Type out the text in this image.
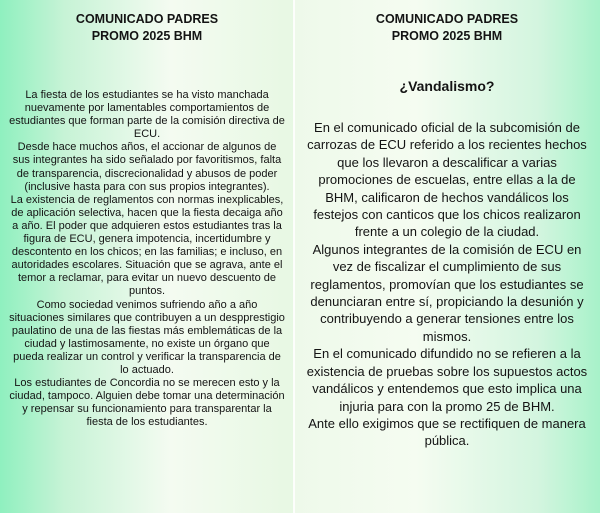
COMUNICADO PADRES
PROMO 2025 BHM

La fiesta de los estudiantes se ha visto manchada nuevamente por lamentables comportamientos de estudiantes que forman parte de la comisión directiva de ECU.

Desde hace muchos años, el accionar de algunos de sus integrantes ha sido señalado por favoritismos, falta de transparencia, discrecionalidad y abusos de poder (inclusive hasta para con sus propios integrantes).

La existencia de reglamentos con normas inexplicables, de aplicación selectiva, hacen que la fiesta decaiga año a año. El poder que adquieren estos estudiantes tras la figura de ECU, genera impotencia, incertidumbre y descontento en los chicos; en las familias; e incluso, en autoridades escolares. Situación que se agrava, ante el temor a reclamar, para evitar un nuevo descuento de puntos.

Como sociedad venimos sufriendo año a año situaciones similares que contribuyen a un despprestigio paulatino de una de las fiestas más emblemáticas de la ciudad y lastimosamente, no existe un órgano que pueda realizar un control y verificar la transparencia de lo actuado.

Los estudiantes de Concordia no se merecen esto y la ciudad, tampoco. Alguien debe tomar una determinación y repensar su funcionamiento para transparentar la fiesta de los estudiantes.

COMUNICADO PADRES
PROMO 2025 BHM
¿Vandalismo?

En el comunicado oficial de la subcomisión de carrozas de ECU referido a los recientes hechos que los llevaron a descalificar a varias promociones de escuelas, entre ellas a la de BHM, calificaron de hechos vandálicos los festejos con canticos que los chicos realizaron frente a un colegio de la ciudad.

Algunos integrantes de la comisión de ECU en vez de fiscalizar el cumplimiento de sus reglamentos, promovían que los estudiantes se denunciaran entre sí, propiciando la desunión y contribuyendo a generar tensiones entre los mismos.

En el comunicado difundido no se refieren a la existencia de pruebas sobre los supuestos actos vandálicos y entendemos que esto implica una injuria para con la promo 25 de BHM.

Ante ello exigimos que se rectifiquen de manera pública.
